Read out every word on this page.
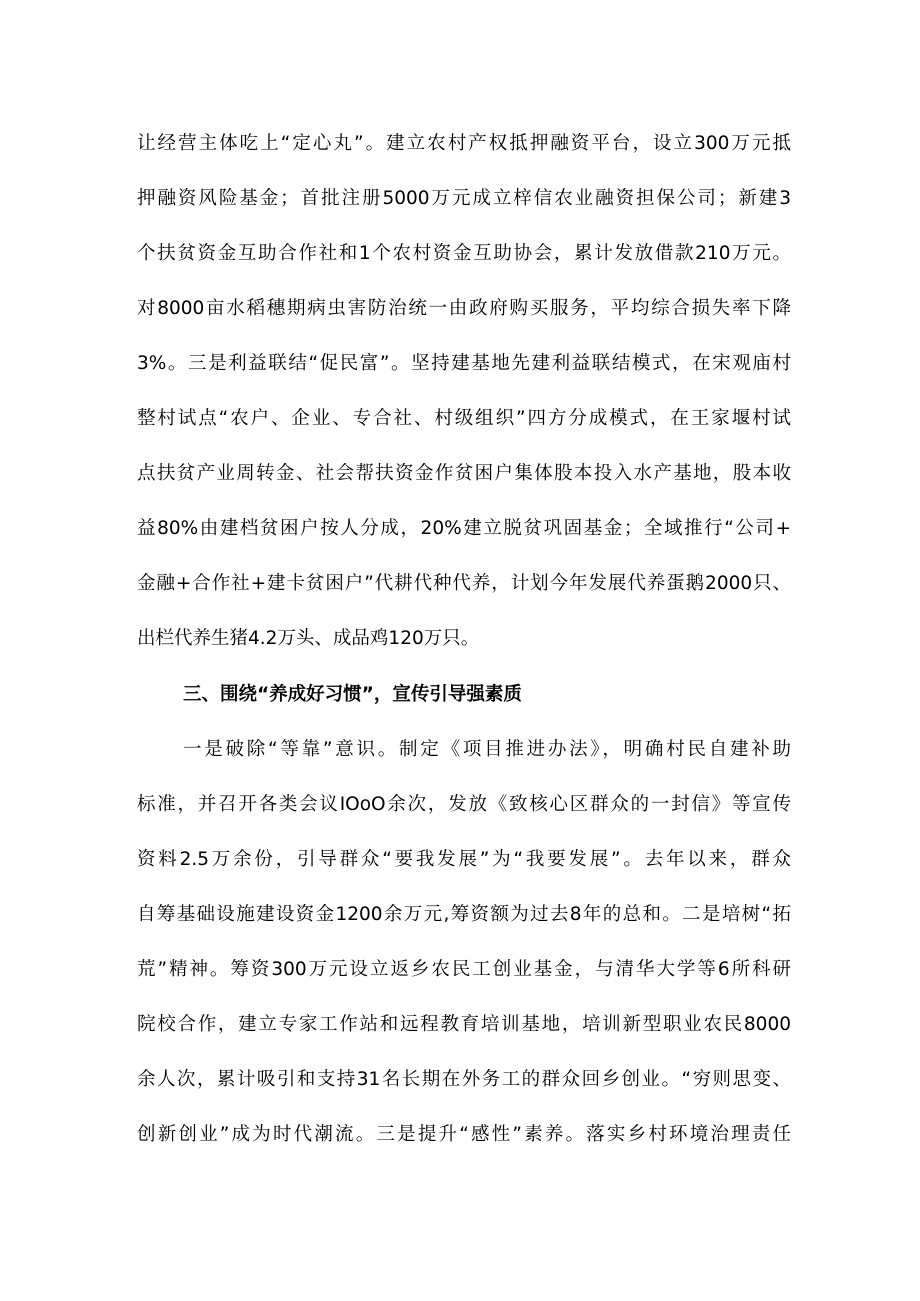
让经营主体吃上“定心丸”。建立农村产权抵押融资平台，设立300万元抵
押融资风险基金；首批注册5000万元成立梓信农业融资担保公司；新建3
个扶贫资金互助合作社和1个农村资金互助协会，累计发放借款210万元。
对8000亩水稻穗期病虫害防治统一由政府购买服务，平均综合损失率下降
3%。三是利益联结“促民富”。坚持建基地先建利益联结模式，在宋观庙村
整村试点“农户、企业、专合社、村级组织”四方分成模式，在王家堰村试
点扶贫产业周转金、社会帮扶资金作贫困户集体股本投入水产基地，股本收
益80%由建档贫困户按人分成，20%建立脱贫巩固基金；全域推行“公司+
金融+合作社+建卡贫困户”代耕代种代养，计划今年发展代养蛋鹅2000只、
出栏代养生猪4.2万头、成品鸡120万只。
三、围绕“养成好习惯”，宣传引导强素质
一是破除“等靠”意识。制定《项目推进办法》，明确村民自建补助
标准，并召开各类会议IOoO余次，发放《致核心区群众的一封信》等宣传
资料2.5万余份，引导群众“要我发展”为“我要发展”。去年以来，群众
自筹基础设施建设资金1200余万元,筹资额为过去8年的总和。二是培树“拓
荒”精神。筹资300万元设立返乡农民工创业基金，与清华大学等6所科研
院校合作，建立专家工作站和远程教育培训基地，培训新型职业农民8000
余人次，累计吸引和支持31名长期在外务工的群众回乡创业。“穷则思变、
创新创业”成为时代潮流。三是提升“感性”素养。落实乡村环境治理责任
